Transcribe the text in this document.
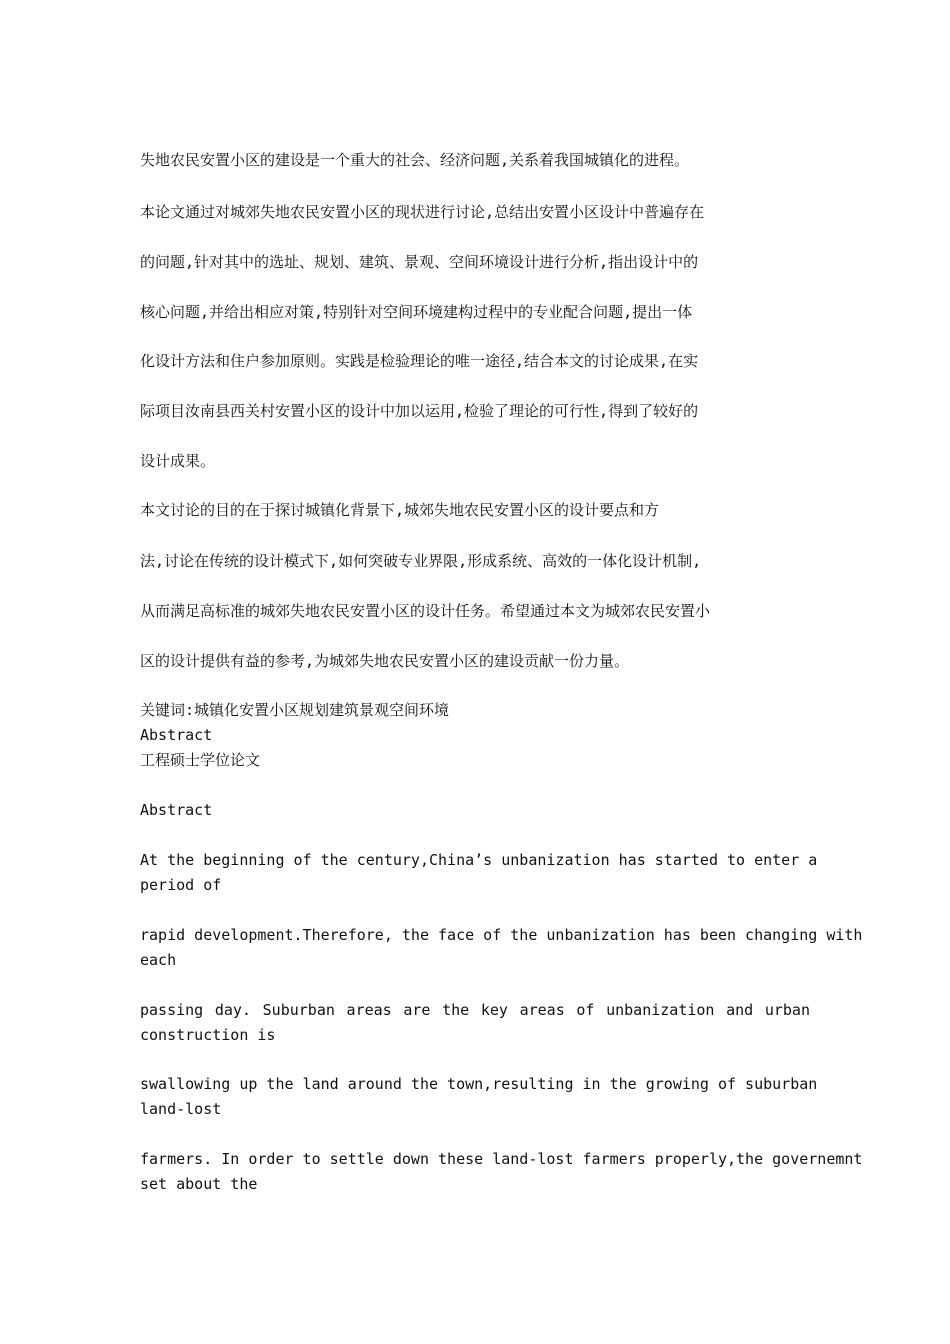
失地农民安置小区的建设是一个重大的社会、经济问题,关系着我国城镇化的进程。
本论文通过对城郊失地农民安置小区的现状进行讨论,总结出安置小区设计中普遍存在
的问题,针对其中的选址、规划、建筑、景观、空间环境设计进行分析,指出设计中的
核心问题,并给出相应对策,特别针对空间环境建构过程中的专业配合问题,提出一体
化设计方法和住户参加原则。实践是检验理论的唯一途径,结合本文的讨论成果,在实
际项目汝南县西关村安置小区的设计中加以运用,检验了理论的可行性,得到了较好的
设计成果。
本文讨论的目的在于探讨城镇化背景下,城郊失地农民安置小区的设计要点和方
法,讨论在传统的设计模式下,如何突破专业界限,形成系统、高效的一体化设计机制,
从而满足高标准的城郊失地农民安置小区的设计任务。希望通过本文为城郊农民安置小
区的设计提供有益的参考,为城郊失地农民安置小区的建设贡献一份力量。
关键词:城镇化安置小区规划建筑景观空间环境
Abstract
工程硕士学位论文
Abstract
At the beginning of the century,China’s unbanization has started to enter a
period of
rapid development.Therefore, the face of the unbanization has been changing with
each
passing day. Suburban areas are the key areas of unbanization and urban
construction is
swallowing up the land around the town,resulting in the growing of suburban
land-lost
farmers. In order to settle down these land-lost farmers properly,the governemnt
set about the
